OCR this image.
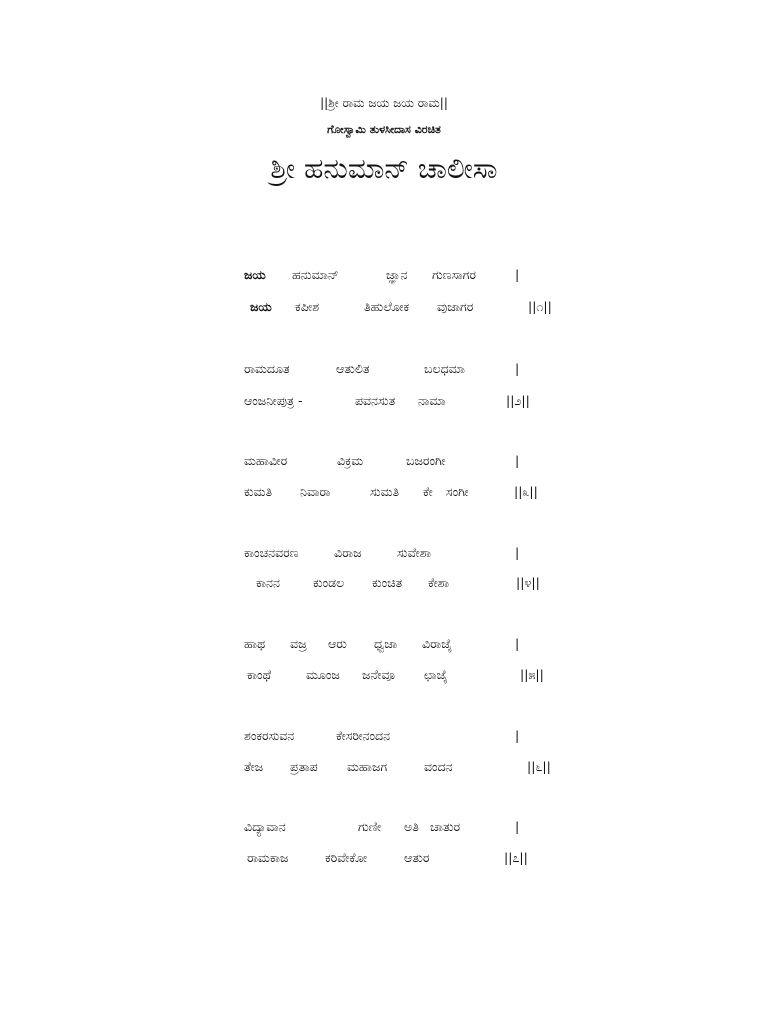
||ಶ್ರೀ ರಾಮ ಜಯ ಜಯ ರಾಮ||
ಗೋಸ್ವಾಮಿ ತುಳಸೀದಾಸ ವಿರಚಿತ
ಶ್ರೀ ಹನುಮಾನ್ ಚಾಲೀಸಾ
ಜಯ ಹನುಮಾನ್	ಜ್ಞಾನ ಗುಣಸಾಗರ	|
ಜಯ ಕಪೀಶ	ತಿಹುಲೋಕ ವುಜಾಗರ	||೧||
ರಾಮದೂತ	ಆತುಲಿತ	ಬಲಧಮಾ	|
ಆಂಜನೀಪುತ್ರ -	ಪವನಸುತ ನಾಮಾ	||೨||
ಮಹಾವೀರ	ವಿಕ್ರಮ	ಬಜರಂಗೀ	|
ಕುಮತಿ ನಿವಾರಾ	ಸುಮತಿ ಕೇ ಸಂಗೀ	||೩||
ಕಾಂಚನವರಣ	ವಿರಾಜ	ಸುವೇಶಾ	|
ಕಾನನ	ಕುಂಡಲ ಕುಂಚಿತ ಕೇಶಾ	||೪||
ಹಾಥ ವಜ್ರ ಆರು ಧ್ವಜಾ ವಿರಾಜೈ	|
ಕಾಂಥೆ	ಮೂಂಜ ಜನೇವೂ ಛಾಜೈ	||೫||
ಶಂಕರಸುವನ	ಕೇಸರೀನಂದನ	|
ತೇಜ ಪ್ರತಾಪ ಮಹಾಜಗ	ವಂದನ	||೬||
ವಿದ್ಯಾವಾನ	ಗುಣೀ ಅತಿ ಚಾತುರ	|
ರಾಮಕಾಜ	ಕರಿವೇಕೋ	ಆತುರ	||೭||
